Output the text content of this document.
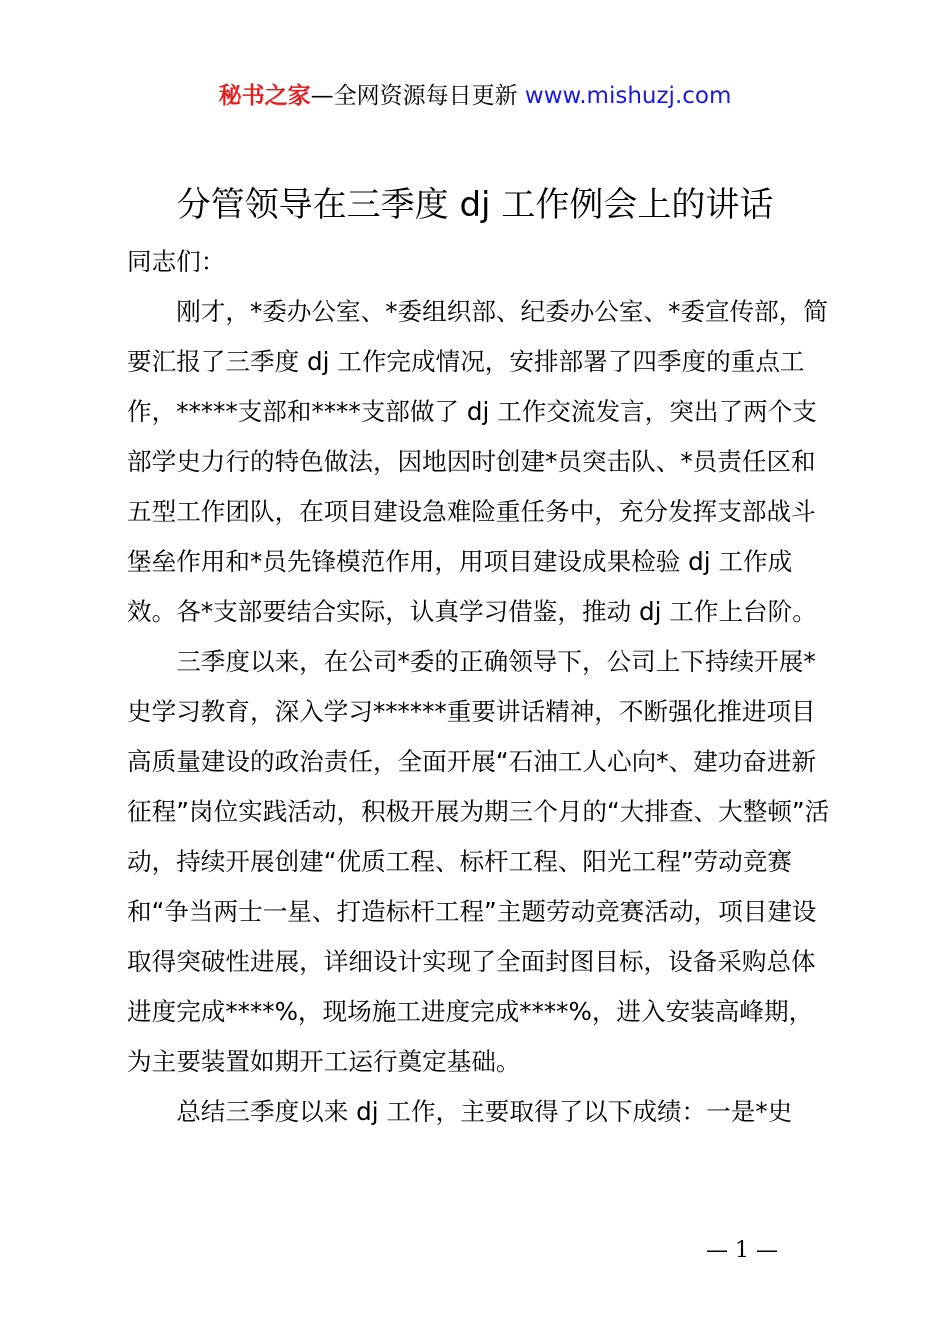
秘书之家—全网资源每日更新 www.mishuzj.com
分管领导在三季度 dj 工作例会上的讲话

同志们：

刚才，*委办公室、*委组织部、纪委办公室、*委宣传部，简要汇报了三季度 dj 工作完成情况，安排部署了四季度的重点工作，*****支部和****支部做了 dj 工作交流发言，突出了两个支部学史力行的特色做法，因地因时创建*员突击队、*员责任区和五型工作团队，在项目建设急难险重任务中，充分发挥支部战斗堡垒作用和*员先锋模范作用，用项目建设成果检验 dj 工作成效。各*支部要结合实际，认真学习借鉴，推动 dj 工作上台阶。

三季度以来，在公司*委的正确领导下，公司上下持续开展*史学习教育，深入学习******重要讲话精神，不断强化推进项目高质量建设的政治责任，全面开展“石油工人心向*、建功奋进新征程”岗位实践活动，积极开展为期三个月的“大排查、大整顿”活动，持续开展创建“优质工程、标杆工程、阳光工程”劳动竞赛和“争当两士一星、打造标杆工程”主题劳动竞赛活动，项目建设取得突破性进展，详细设计实现了全面封图目标，设备采购总体进度完成****%，现场施工进度完成****%，进入安装高峰期，为主要装置如期开工运行奠定基础。

总结三季度以来 dj 工作，主要取得了以下成绩：一是*史

— 1 —
